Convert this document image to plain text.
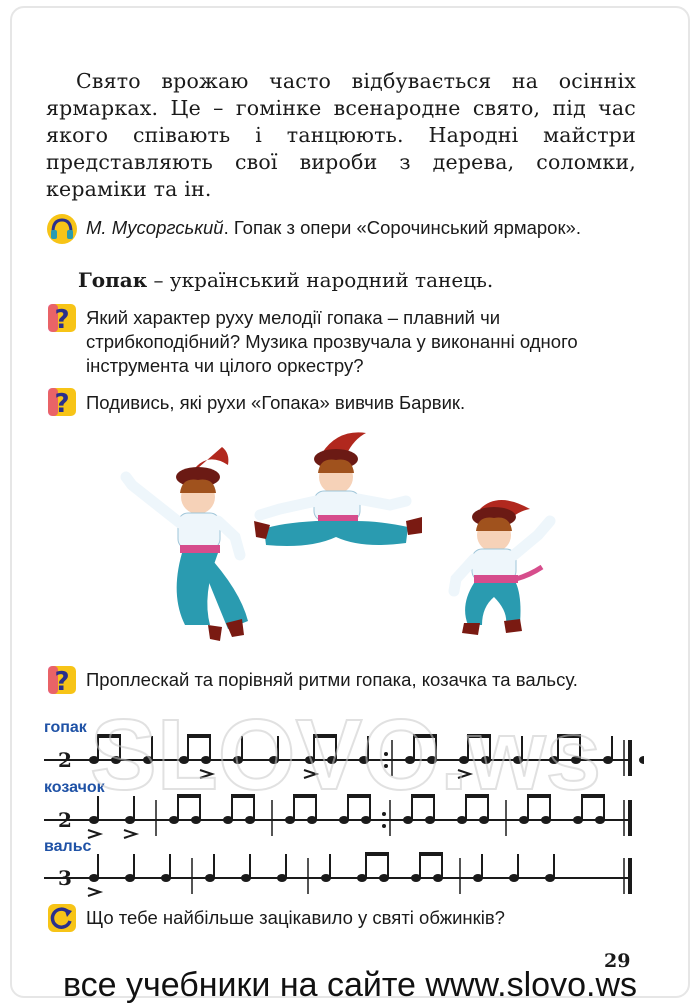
Свято врожаю часто відбувається на осінніх ярмарках. Це – гомінке всенародне свято, під час якого співають і танцюють. Народні майстри представляють свої вироби з дерева, соломки, кераміки та ін.

М. Мусоргський. Гопак з опери «Сорочинський ярмарок».
Гопак – український народний танець.
? Який характер руху мелодії гопака – плавний чи стрибкоподібний? Музика прозвучала у виконанні одного інструмента чи цілого оркестру?
? Подивись, які рухи «Гопака» вивчив Барвик.
? Проплескай та порівняй ритми гопака, козачка та вальсу.
гопак
козачок
вальс
2
2
3
Що тебе найбільше зацікавило у святі обжинків?
29
все учебники на сайте www.slovo.ws
SLOVO.ws
